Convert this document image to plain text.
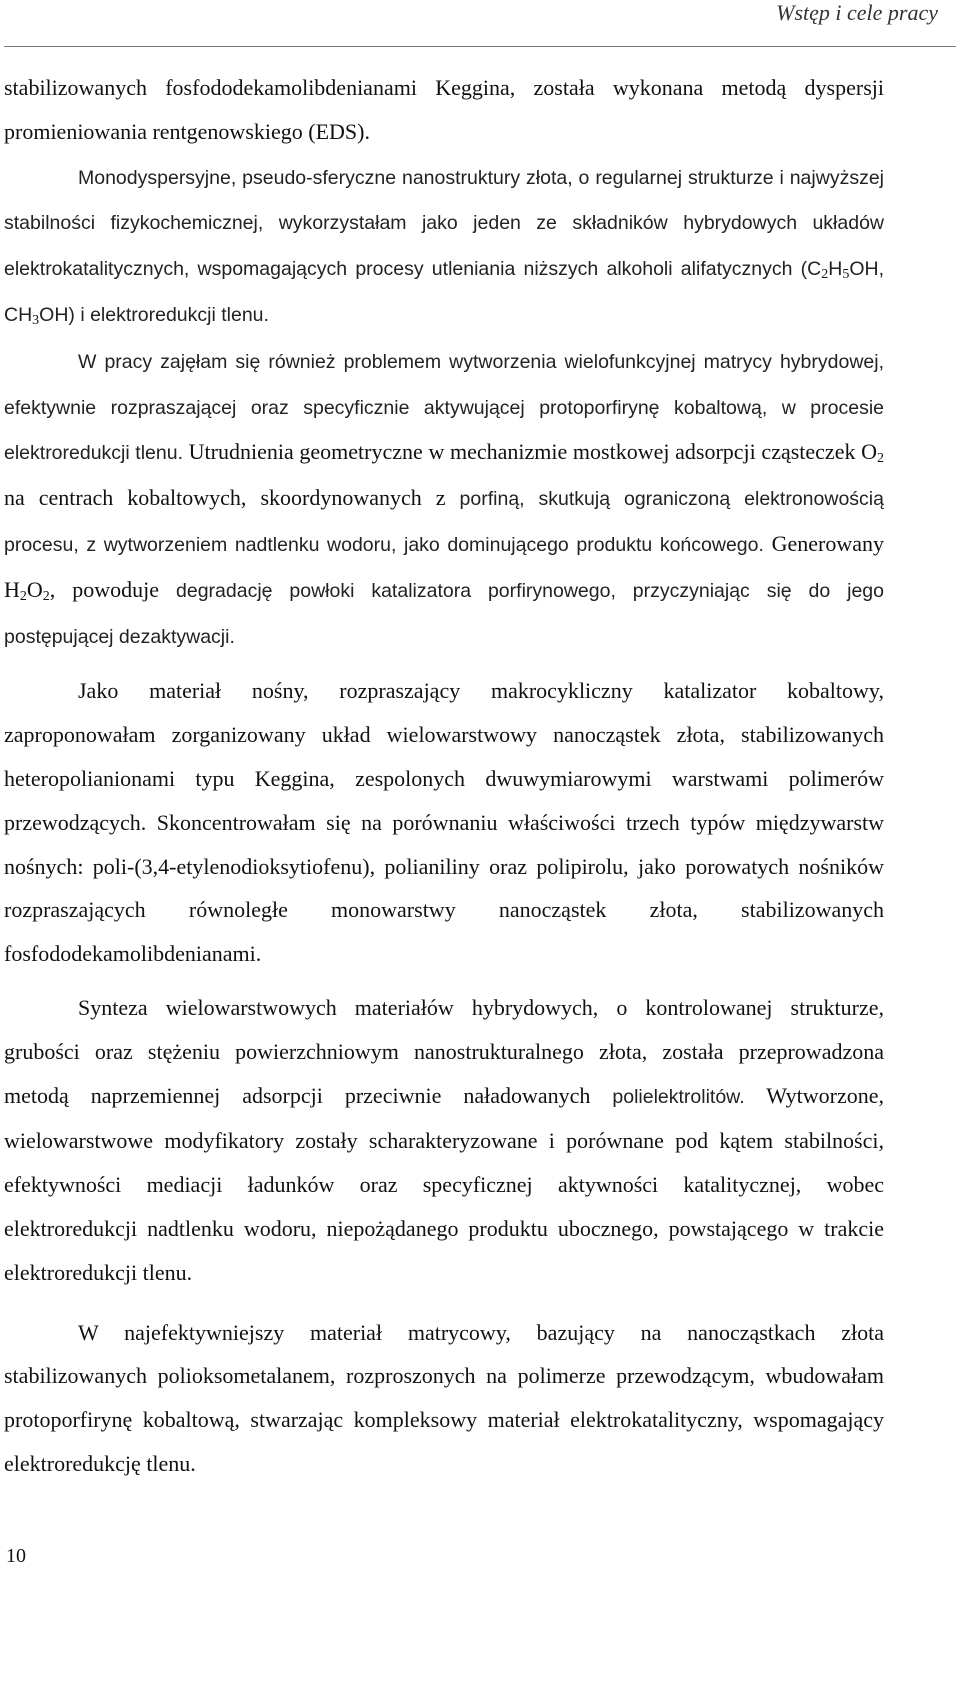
Wstęp i cele pracy

stabilizowanych fosfododekamolibdenianami Keggina, została wykonana metodą dyspersji promieniowania rentgenowskiego (EDS).

Monodyspersyjne, pseudo-sferyczne nanostruktury złota, o regularnej strukturze i najwyższej stabilności fizykochemicznej, wykorzystałam jako jeden ze składników hybrydowych układów elektrokatalitycznych, wspomagających procesy utleniania niższych alkoholi alifatycznych ($C_2H_5OH$, $CH_3OH$) i elektroredukcji tlenu.

W pracy zajęłam się również problemem wytworzenia wielofunkcyjnej matrycy hybrydowej, efektywnie rozpraszającej oraz specyficznie aktywującej protoporfirynę kobaltową, w procesie elektroredukcji tlenu. Utrudnienia geometryczne w mechanizmie mostkowej adsorpcji cząsteczek $O_2$ na centrach kobaltowych, skoordynowanych z porfiną, skutkują ograniczoną elektronowością procesu, z wytworzeniem nadtlenku wodoru, jako dominującego produktu końcowego. Generowany $H_2O_2$, powoduje degradację powłoki katalizatora porfirynowego, przyczyniając się do jego postępującej dezaktywacji.

Jako materiał nośny, rozpraszający makrocykliczny katalizator kobaltowy, zaproponowałam zorganizowany układ wielowarstwowy nanocząstek złota, stabilizowanych heteropolianionami typu Keggina, zespolonych dwuwymiarowymi warstwami polimerów przewodzących. Skoncentrowałam się na porównaniu właściwości trzech typów międzywarstw nośnych: poli-(3,4-etylenodioksytiofenu), polianiliny oraz polipirolu, jako porowatych nośników rozpraszających równoległe monowarstwy nanocząstek złota, stabilizowanych fosfododekamolibdenianami.

Synteza wielowarstwowych materiałów hybrydowych, o kontrolowanej strukturze, grubości oraz stężeniu powierzchniowym nanostrukturalnego złota, została przeprowadzona metodą naprzemiennej adsorpcji przeciwnie naładowanych polielektrolitów. Wytworzone, wielowarstwowe modyfikatory zostały scharakteryzowane i porównane pod kątem stabilności, efektywności mediacji ładunków oraz specyficznej aktywności katalitycznej, wobec elektroredukcji nadtlenku wodoru, niepożądanego produktu ubocznego, powstającego w trakcie elektroredukcji tlenu.

W najefektywniejszy materiał matrycowy, bazujący na nanocząstkach złota stabilizowanych polioksometalanem, rozproszonych na polimerze przewodzącym, wbudowałam protoporfirynę kobaltową, stwarzając kompleksowy materiał elektrokatalityczny, wspomagający elektroredukcję tlenu.

10
